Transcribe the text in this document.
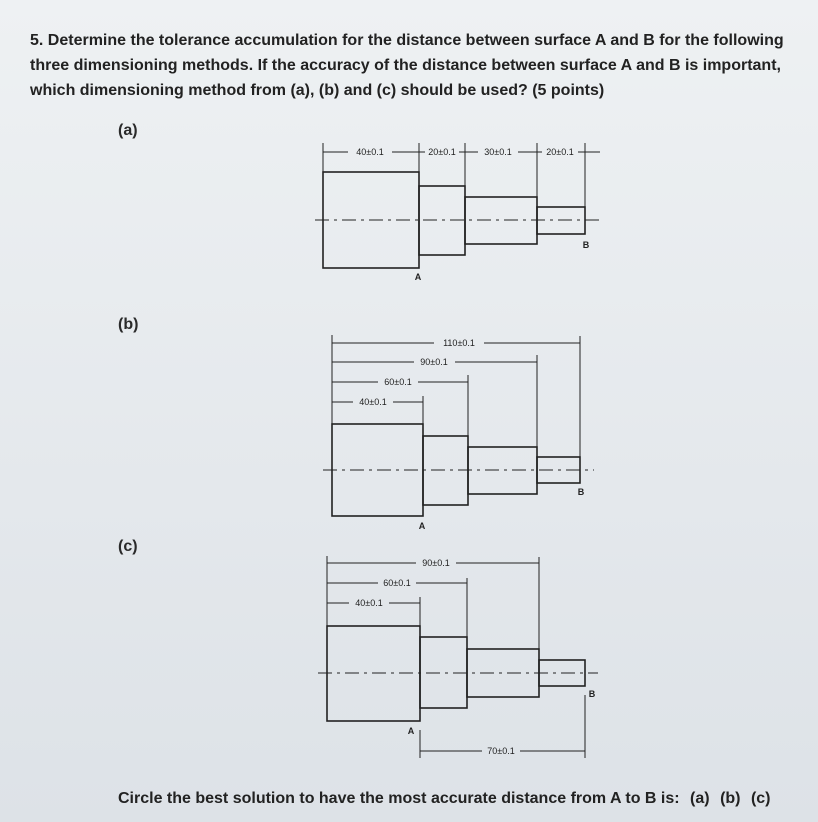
5. Determine the tolerance accumulation for the distance between surface A and B for the following
three dimensioning methods. If the accuracy of the distance between surface A and B is important,
which dimensioning method from (a), (b) and (c) should be used? (5 points)
(a)
(b)
(c)
40±0.1	20±0.1	30±0.1	20±0.1
A
B
110±0.1
90±0.1
60±0.1
40±0.1
A
B
90±0.1
60±0.1
40±0.1
70±0.1
A
B
Circle the best solution to have the most accurate distance from A to B is: (a) (b) (c)
